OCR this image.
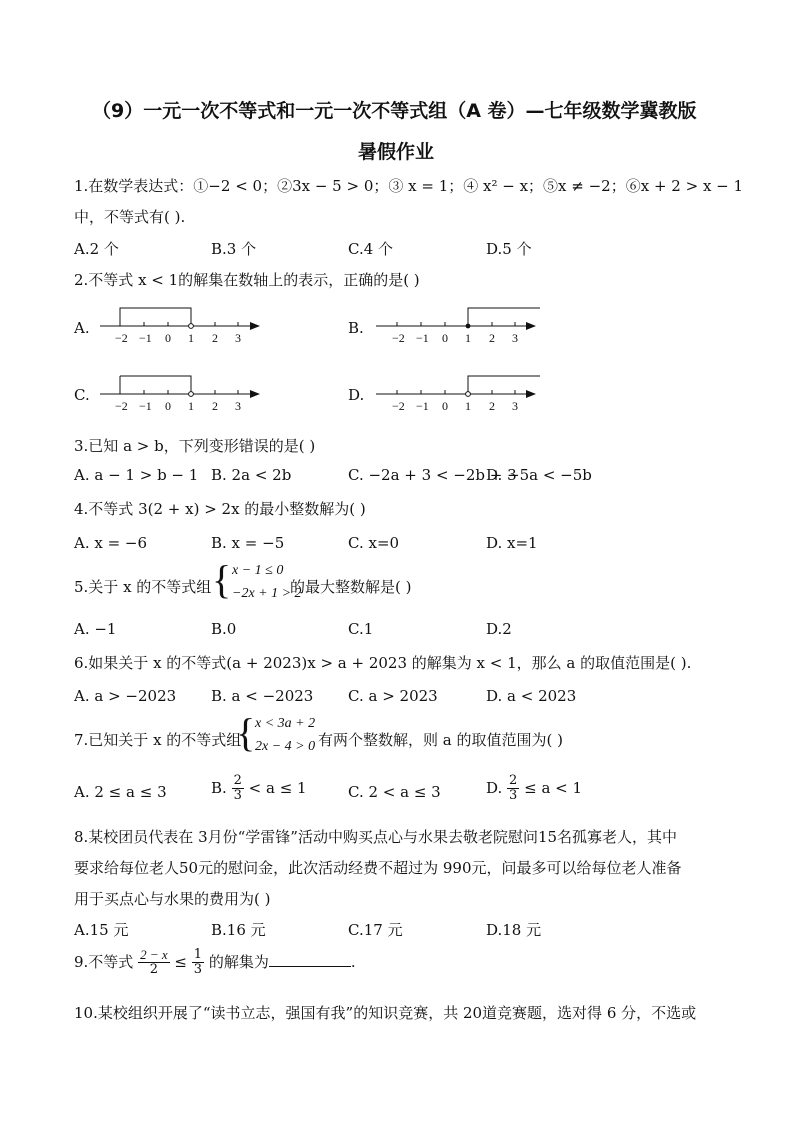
（9）一元一次不等式和一元一次不等式组（A 卷）—七年级数学冀教版
暑假作业
1.在数学表达式：①−2 < 0；②3x − 5 > 0；③ x = 1；④ x² − x；⑤x ≠ −2；⑥x + 2 > x − 1
中，不等式有( ).
A.2 个	B.3 个	C.4 个	D.5 个
2.不等式 x < 1的解集在数轴上的表示，正确的是( )
A.	B.
C.	D.
−2 −1 0 1 2 3	−2 −1 0 1 2 3
−2 −1 0 1 2 3	−2 −1 0 1 2 3
3.已知 a > b，下列变形错误的是( )
A. a − 1 > b − 1 B. 2a < 2b	C. −2a + 3 < −2b + 3
D. −5a < −5b
4.不等式 3(2 + x) > 2x 的最小整数解为( )
A. x = −6	B. x = −5	C. x=0	D. x=1
5.关于 x 的不等式组 { x − 1 ≤ 0
−2x + 1 > 2
的最大整数解是( )
A. −1	B.0	C.1	D.2
6.如果关于 x 的不等式(a + 2023)x > a + 2023 的解集为 x < 1，那么 a 的取值范围是( ).
A. a > −2023 B. a < −2023 C. a > 2023	D. a < 2023
7.已知关于 x 的不等式组
{ x < 3a + 2
2x − 4 > 0 有两个整数解，则 a 的取值范围为( )
A. 2 ≤ a ≤ 3	B. $\frac{2}{3} < a \le 1$	C. 2 < a ≤ 3	D. $\frac{2}{3} \le a < 1$
8.某校团员代表在 3月份“学雷锋”活动中购买点心与水果去敬老院慰问15名孤寡老人，其中
要求给每位老人50元的慰问金，此次活动经费不超过为 990元，问最多可以给每位老人准备
用于买点心与水果的费用为( )
A.15 元	B.16 元	C.17 元	D.18 元
9.不等式 $\frac{2 - x}{2} \le \frac{1}{3}$ 的解集为	.
10.某校组织开展了“读书立志，强国有我”的知识竞赛，共 20道竞赛题，选对得 6 分，不选或
